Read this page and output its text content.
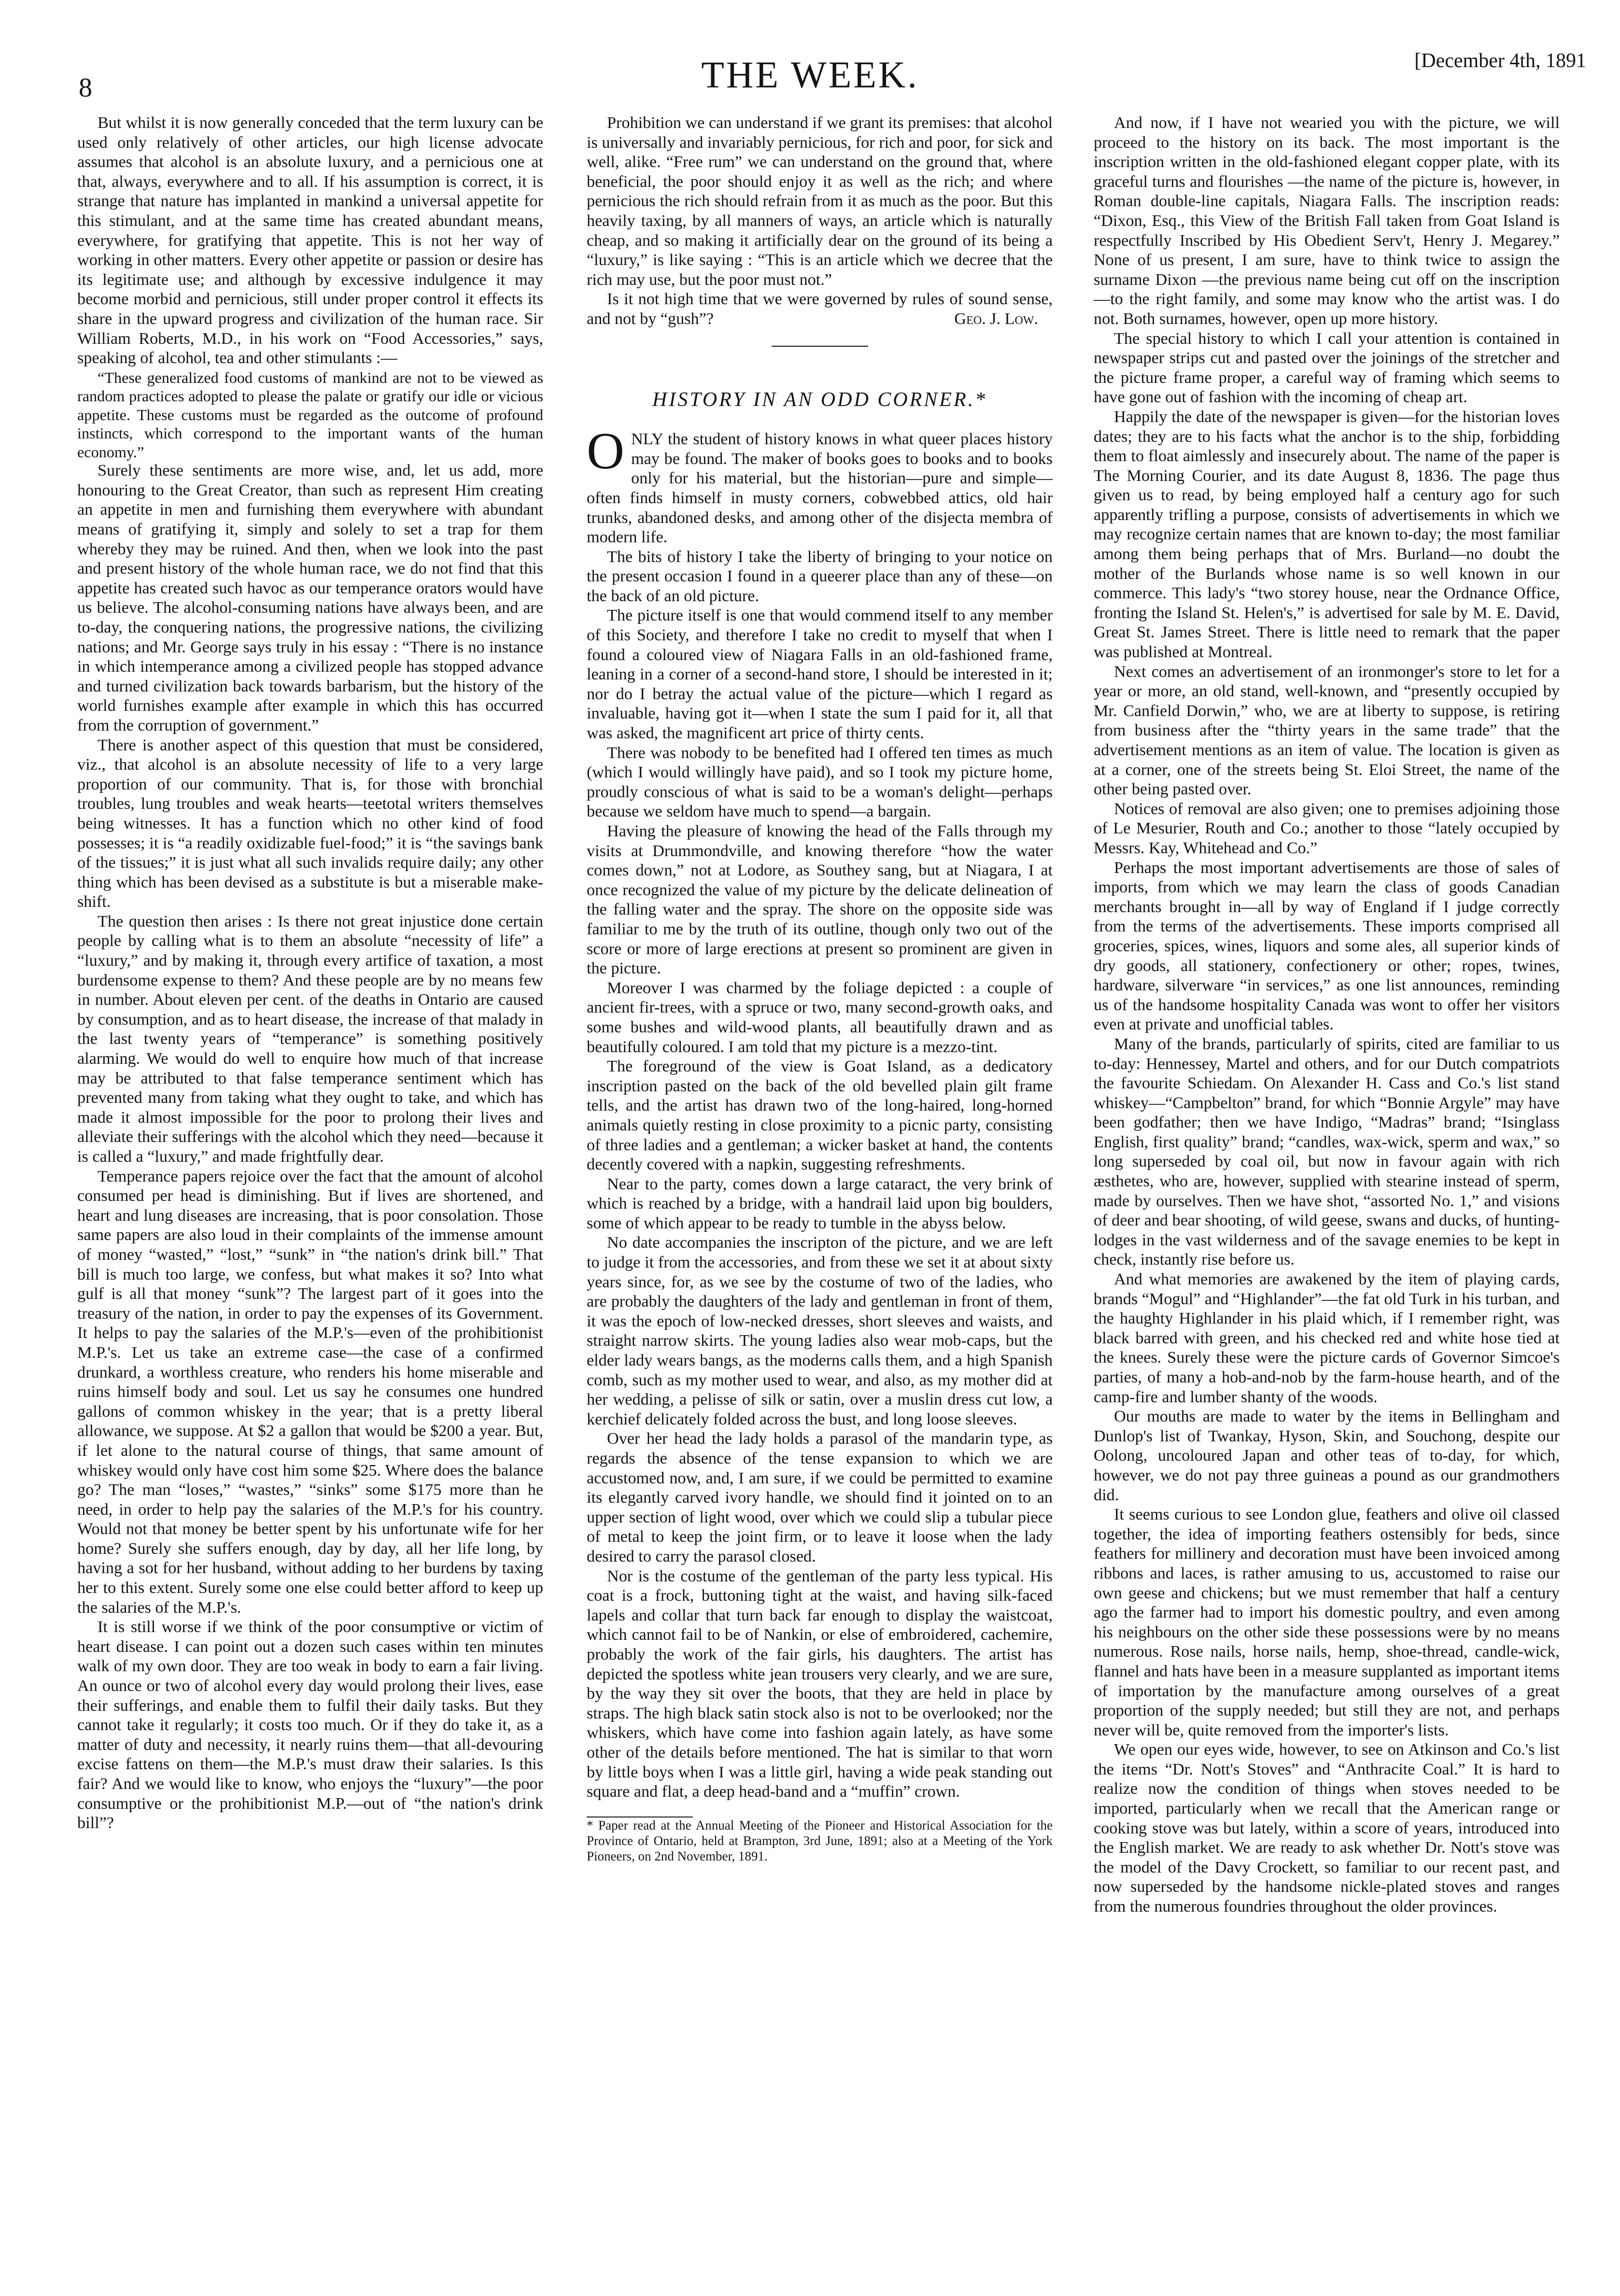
8	THE WEEK.	[December 4th, 1891

But whilst it is now generally conceded that the term luxury can be used only relatively of other articles, our high license advocate assumes that alcohol is an absolute luxury, and a pernicious one at that, always, everywhere and to all. If his assumption is correct, it is strange that nature has implanted in mankind a universal appetite for this stimulant, and at the same time has created abundant means, everywhere, for gratifying that appetite. This is not her way of working in other matters. Every other appetite or passion or desire has its legitimate use; and although by excessive indulgence it may become morbid and pernicious, still under proper control it effects its share in the upward progress and civilization of the human race. Sir William Roberts, M.D., in his work on “Food Accessories,” says, speaking of alcohol, tea and other stimulants :—

“These generalized food customs of mankind are not to be viewed as random practices adopted to please the palate or gratify our idle or vicious appetite. These customs must be regarded as the outcome of profound instincts, which correspond to the important wants of the human economy.”

Surely these sentiments are more wise, and, let us add, more honouring to the Great Creator, than such as represent Him creating an appetite in men and furnishing them everywhere with abundant means of gratifying it, simply and solely to set a trap for them whereby they may be ruined. And then, when we look into the past and present history of the whole human race, we do not find that this appetite has created such havoc as our temperance orators would have us believe. The alcohol-consuming nations have always been, and are to-day, the conquering nations, the progressive nations, the civilizing nations; and Mr. George says truly in his essay : “There is no instance in which intemperance among a civilized people has stopped advance and turned civilization back towards barbarism, but the history of the world furnishes example after example in which this has occurred from the corruption of government.”

There is another aspect of this question that must be considered, viz., that alcohol is an absolute necessity of life to a very large proportion of our community. That is, for those with bronchial troubles, lung troubles and weak hearts—teetotal writers themselves being witnesses. It has a function which no other kind of food possesses; it is “a readily oxidizable fuel-food;” it is “the savings bank of the tissues;” it is just what all such invalids require daily; any other thing which has been devised as a substitute is but a miserable make-shift.

The question then arises : Is there not great injustice done certain people by calling what is to them an absolute “necessity of life” a “luxury,” and by making it, through every artifice of taxation, a most burdensome expense to them? And these people are by no means few in number. About eleven per cent. of the deaths in Ontario are caused by consumption, and as to heart disease, the increase of that malady in the last twenty years of “temperance” is something positively alarming. We would do well to enquire how much of that increase may be attributed to that false temperance sentiment which has prevented many from taking what they ought to take, and which has made it almost impossible for the poor to prolong their lives and alleviate their sufferings with the alcohol which they need—because it is called a “luxury,” and made frightfully dear.

Temperance papers rejoice over the fact that the amount of alcohol consumed per head is diminishing. But if lives are shortened, and heart and lung diseases are increasing, that is poor consolation. Those same papers are also loud in their complaints of the immense amount of money “wasted,” “lost,” “sunk” in “the nation's drink bill.” That bill is much too large, we confess, but what makes it so? Into what gulf is all that money “sunk”? The largest part of it goes into the treasury of the nation, in order to pay the expenses of its Government. It helps to pay the salaries of the M.P.'s—even of the prohibitionist M.P.'s. Let us take an extreme case—the case of a confirmed drunkard, a worthless creature, who renders his home miserable and ruins himself body and soul. Let us say he consumes one hundred gallons of common whiskey in the year; that is a pretty liberal allowance, we suppose. At $2 a gallon that would be $200 a year. But, if let alone to the natural course of things, that same amount of whiskey would only have cost him some $25. Where does the balance go? The man “loses,” “wastes,” “sinks” some $175 more than he need, in order to help pay the salaries of the M.P.'s for his country. Would not that money be better spent by his unfortunate wife for her home? Surely she suffers enough, day by day, all her life long, by having a sot for her husband, without adding to her burdens by taxing her to this extent. Surely some one else could better afford to keep up the salaries of the M.P.'s.

It is still worse if we think of the poor consumptive or victim of heart disease. I can point out a dozen such cases within ten minutes walk of my own door. They are too weak in body to earn a fair living. An ounce or two of alcohol every day would prolong their lives, ease their sufferings, and enable them to fulfil their daily tasks. But they cannot take it regularly; it costs too much. Or if they do take it, as a matter of duty and necessity, it nearly ruins them—that all-devouring excise fattens on them—the M.P.'s must draw their salaries. Is this fair? And we would like to know, who enjoys the “luxury”—the poor consumptive or the prohibitionist M.P.—out of “the nation's drink bill”?

Prohibition we can understand if we grant its premises: that alcohol is universally and invariably pernicious, for rich and poor, for sick and well, alike. “Free rum” we can understand on the ground that, where beneficial, the poor should enjoy it as well as the rich; and where pernicious the rich should refrain from it as much as the poor. But this heavily taxing, by all manners of ways, an article which is naturally cheap, and so making it artificially dear on the ground of its being a “luxury,” is like saying : “This is an article which we decree that the rich may use, but the poor must not.”

Is it not high time that we were governed by rules of sound sense, and not by “gush”?	Geo. J. Low.

HISTORY IN AN ODD CORNER.*

ONLY the student of history knows in what queer places history may be found. The maker of books goes to books and to books only for his material, but the historian—pure and simple—often finds himself in musty corners, cobwebbed attics, old hair trunks, abandoned desks, and among other of the disjecta membra of modern life.

The bits of history I take the liberty of bringing to your notice on the present occasion I found in a queerer place than any of these—on the back of an old picture.

The picture itself is one that would commend itself to any member of this Society, and therefore I take no credit to myself that when I found a coloured view of Niagara Falls in an old-fashioned frame, leaning in a corner of a second-hand store, I should be interested in it; nor do I betray the actual value of the picture—which I regard as invaluable, having got it—when I state the sum I paid for it, all that was asked, the magnificent art price of thirty cents.

There was nobody to be benefited had I offered ten times as much (which I would willingly have paid), and so I took my picture home, proudly conscious of what is said to be a woman's delight—perhaps because we seldom have much to spend—a bargain.

Having the pleasure of knowing the head of the Falls through my visits at Drummondville, and knowing therefore “how the water comes down,” not at Lodore, as Southey sang, but at Niagara, I at once recognized the value of my picture by the delicate delineation of the falling water and the spray. The shore on the opposite side was familiar to me by the truth of its outline, though only two out of the score or more of large erections at present so prominent are given in the picture.

Moreover I was charmed by the foliage depicted : a couple of ancient fir-trees, with a spruce or two, many second-growth oaks, and some bushes and wild-wood plants, all beautifully drawn and as beautifully coloured. I am told that my picture is a mezzo-tint.

The foreground of the view is Goat Island, as a dedicatory inscription pasted on the back of the old bevelled plain gilt frame tells, and the artist has drawn two of the long-haired, long-horned animals quietly resting in close proximity to a picnic party, consisting of three ladies and a gentleman; a wicker basket at hand, the contents decently covered with a napkin, suggesting refreshments.

Near to the party, comes down a large cataract, the very brink of which is reached by a bridge, with a handrail laid upon big boulders, some of which appear to be ready to tumble in the abyss below.

No date accompanies the inscripton of the picture, and we are left to judge it from the accessories, and from these we set it at about sixty years since, for, as we see by the costume of two of the ladies, who are probably the daughters of the lady and gentleman in front of them, it was the epoch of low-necked dresses, short sleeves and waists, and straight narrow skirts. The young ladies also wear mob-caps, but the elder lady wears bangs, as the moderns calls them, and a high Spanish comb, such as my mother used to wear, and also, as my mother did at her wedding, a pelisse of silk or satin, over a muslin dress cut low, a kerchief delicately folded across the bust, and long loose sleeves.

Over her head the lady holds a parasol of the mandarin type, as regards the absence of the tense expansion to which we are accustomed now, and, I am sure, if we could be permitted to examine its elegantly carved ivory handle, we should find it jointed on to an upper section of light wood, over which we could slip a tubular piece of metal to keep the joint firm, or to leave it loose when the lady desired to carry the parasol closed.

Nor is the costume of the gentleman of the party less typical. His coat is a frock, buttoning tight at the waist, and having silk-faced lapels and collar that turn back far enough to display the waistcoat, which cannot fail to be of Nankin, or else of embroidered, cachemire, probably the work of the fair girls, his daughters. The artist has depicted the spotless white jean trousers very clearly, and we are sure, by the way they sit over the boots, that they are held in place by straps. The high black satin stock also is not to be overlooked; nor the whiskers, which have come into fashion again lately, as have some other of the details before mentioned. The hat is similar to that worn by little boys when I was a little girl, having a wide peak standing out square and flat, a deep head-band and a “muffin” crown.

* Paper read at the Annual Meeting of the Pioneer and Historical Association for the Province of Ontario, held at Brampton, 3rd June, 1891; also at a Meeting of the York Pioneers, on 2nd November, 1891.

And now, if I have not wearied you with the picture, we will proceed to the history on its back. The most important is the inscription written in the old-fashioned elegant copper plate, with its graceful turns and flourishes —the name of the picture is, however, in Roman double-line capitals, Niagara Falls. The inscription reads: “Dixon, Esq., this View of the British Fall taken from Goat Island is respectfully Inscribed by His Obedient Serv't, Henry J. Megarey.” None of us present, I am sure, have to think twice to assign the surname Dixon —the previous name being cut off on the inscription—to the right family, and some may know who the artist was. I do not. Both surnames, however, open up more history.

The special history to which I call your attention is contained in newspaper strips cut and pasted over the joinings of the stretcher and the picture frame proper, a careful way of framing which seems to have gone out of fashion with the incoming of cheap art.

Happily the date of the newspaper is given—for the historian loves dates; they are to his facts what the anchor is to the ship, forbidding them to float aimlessly and insecurely about. The name of the paper is The Morning Courier, and its date August 8, 1836. The page thus given us to read, by being employed half a century ago for such apparently trifling a purpose, consists of advertisements in which we may recognize certain names that are known to-day; the most familiar among them being perhaps that of Mrs. Burland—no doubt the mother of the Burlands whose name is so well known in our commerce. This lady's “two storey house, near the Ordnance Office, fronting the Island St. Helen's,” is advertised for sale by M. E. David, Great St. James Street. There is little need to remark that the paper was published at Montreal.

Next comes an advertisement of an ironmonger's store to let for a year or more, an old stand, well-known, and “presently occupied by Mr. Canfield Dorwin,” who, we are at liberty to suppose, is retiring from business after the “thirty years in the same trade” that the advertisement mentions as an item of value. The location is given as at a corner, one of the streets being St. Eloi Street, the name of the other being pasted over.

Notices of removal are also given; one to premises adjoining those of Le Mesurier, Routh and Co.; another to those “lately occupied by Messrs. Kay, Whitehead and Co.”

Perhaps the most important advertisements are those of sales of imports, from which we may learn the class of goods Canadian merchants brought in—all by way of England if I judge correctly from the terms of the advertisements. These imports comprised all groceries, spices, wines, liquors and some ales, all superior kinds of dry goods, all stationery, confectionery or other; ropes, twines, hardware, silverware “in services,” as one list announces, reminding us of the handsome hospitality Canada was wont to offer her visitors even at private and unofficial tables.

Many of the brands, particularly of spirits, cited are familiar to us to-day: Hennessey, Martel and others, and for our Dutch compatriots the favourite Schiedam. On Alexander H. Cass and Co.'s list stand whiskey—“Campbelton” brand, for which “Bonnie Argyle” may have been godfather; then we have Indigo, “Madras” brand; “Isinglass English, first quality” brand; “candles, wax-wick, sperm and wax,” so long superseded by coal oil, but now in favour again with rich æsthetes, who are, however, supplied with stearine instead of sperm, made by ourselves. Then we have shot, “assorted No. 1,” and visions of deer and bear shooting, of wild geese, swans and ducks, of hunting-lodges in the vast wilderness and of the savage enemies to be kept in check, instantly rise before us.

And what memories are awakened by the item of playing cards, brands “Mogul” and “Highlander”—the fat old Turk in his turban, and the haughty Highlander in his plaid which, if I remember right, was black barred with green, and his checked red and white hose tied at the knees. Surely these were the picture cards of Governor Simcoe's parties, of many a hob-and-nob by the farm-house hearth, and of the camp-fire and lumber shanty of the woods.

Our mouths are made to water by the items in Bellingham and Dunlop's list of Twankay, Hyson, Skin, and Souchong, despite our Oolong, uncoloured Japan and other teas of to-day, for which, however, we do not pay three guineas a pound as our grandmothers did.

It seems curious to see London glue, feathers and olive oil classed together, the idea of importing feathers ostensibly for beds, since feathers for millinery and decoration must have been invoiced among ribbons and laces, is rather amusing to us, accustomed to raise our own geese and chickens; but we must remember that half a century ago the farmer had to import his domestic poultry, and even among his neighbours on the other side these possessions were by no means numerous. Rose nails, horse nails, hemp, shoe-thread, candle-wick, flannel and hats have been in a measure supplanted as important items of importation by the manufacture among ourselves of a great proportion of the supply needed; but still they are not, and perhaps never will be, quite removed from the importer's lists.

We open our eyes wide, however, to see on Atkinson and Co.'s list the items “Dr. Nott's Stoves” and “Anthracite Coal.” It is hard to realize now the condition of things when stoves needed to be imported, particularly when we recall that the American range or cooking stove was but lately, within a score of years, introduced into the English market. We are ready to ask whether Dr. Nott's stove was the model of the Davy Crockett, so familiar to our recent past, and now superseded by the handsome nickle-plated stoves and ranges from the numerous foundries throughout the older provinces.
